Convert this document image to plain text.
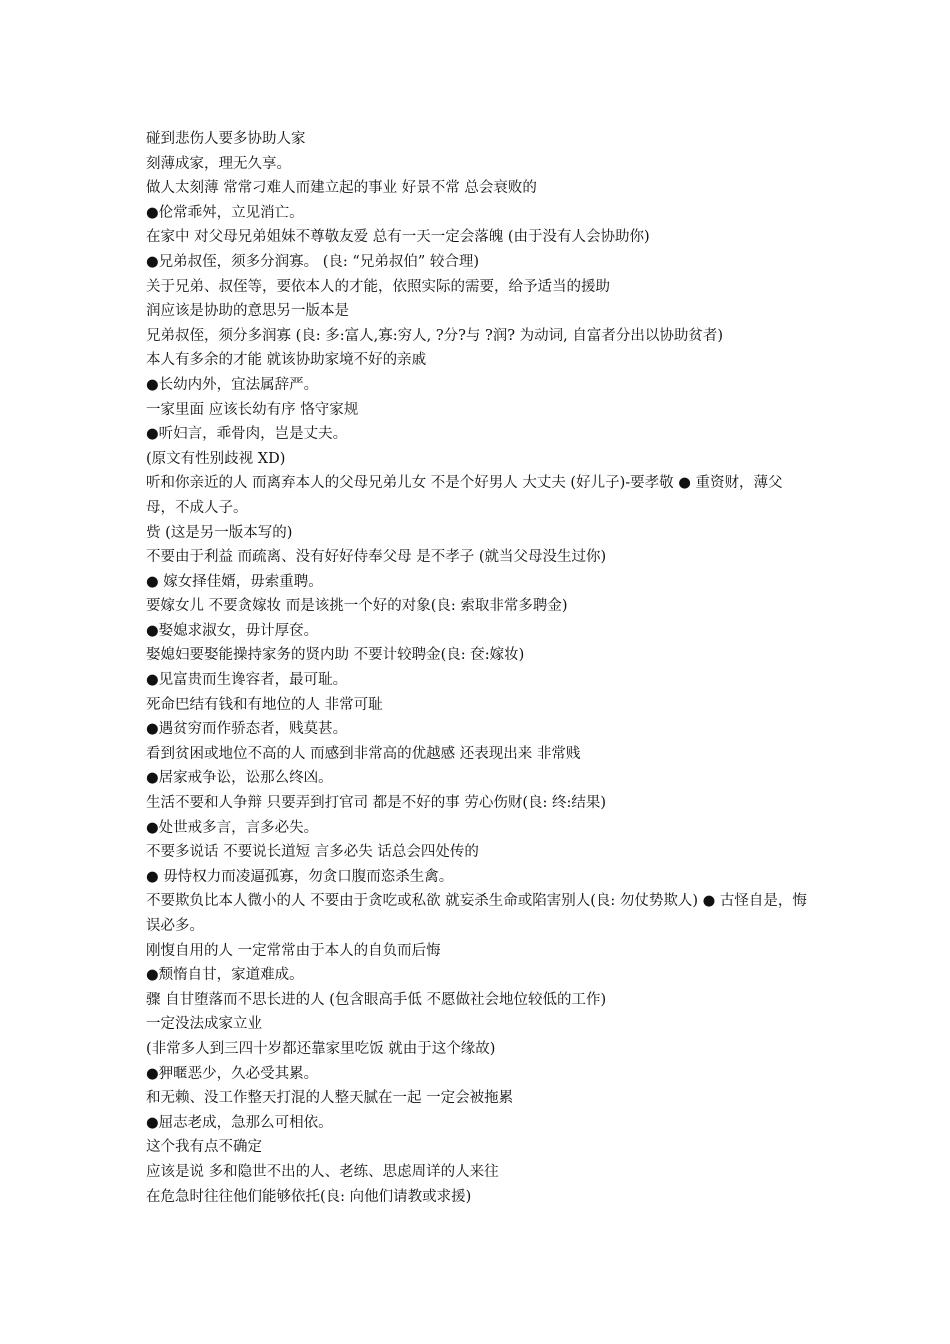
碰到悲伤人要多协助人家
刻薄成家，理无久享。
做人太刻薄 常常刁难人而建立起的事业 好景不常 总会衰败的
●伦常乖舛，立见消亡。
在家中 对父母兄弟姐妹不尊敬友爱 总有一天一定会落魄 (由于没有人会协助你)
●兄弟叔侄，须多分润寡。 (良: “兄弟叔伯” 较合理)
关于兄弟、叔侄等，要依本人的才能，依照实际的需要，给予适当的援助
润应该是协助的意思另一版本是
兄弟叔侄，须分多润寡 (良: 多:富人,寡:穷人, ?分?与 ?润? 为动词, 自富者分出以协助贫者)
本人有多余的才能 就该协助家境不好的亲戚
●长幼内外，宜法属辞严。
一家里面 应该长幼有序 恪守家规
●听妇言，乖骨肉，岂是丈夫。
(原文有性别歧视 XD)
听和你亲近的人 而离弃本人的父母兄弟儿女 不是个好男人 大丈夫 (好儿子)-要孝敬 ● 重资财，薄父母，不成人子。
赀 (这是另一版本写的)
不要由于利益 而疏离、没有好好侍奉父母 是不孝子 (就当父母没生过你)
● 嫁女择佳婿，毋索重聘。
要嫁女儿 不要贪嫁妆 而是该挑一个好的对象(良: 索取非常多聘金)
●娶媳求淑女，毋计厚奁。
娶媳妇要娶能操持家务的贤内助 不要计较聘金(良: 奁:嫁妆)
●见富贵而生谗容者，最可耻。
死命巴结有钱和有地位的人 非常可耻
●遇贫穷而作骄态者，贱莫甚。
看到贫困或地位不高的人 而感到非常高的优越感 还表现出来 非常贱
●居家戒争讼，讼那么终凶。
生活不要和人争辩 只要弄到打官司 都是不好的事 劳心伤财(良: 终:结果)
●处世戒多言，言多必失。
不要多说话 不要说长道短 言多必失 话总会四处传的
● 毋恃权力而凌逼孤寡，勿贪口腹而恣杀生禽。
不要欺负比本人微小的人 不要由于贪吃或私欲 就妄杀生命或陷害别人(良: 勿仗势欺人) ● 古怪自是，悔误必多。
刚愎自用的人 一定常常由于本人的自负而后悔
●颓惰自甘，家道难成。
骤 自甘堕落而不思长进的人 (包含眼高手低 不愿做社会地位较低的工作)
一定没法成家立业
(非常多人到三四十岁都还靠家里吃饭 就由于这个缘故)
●狎暱恶少，久必受其累。
和无赖、没工作整天打混的人整天腻在一起 一定会被拖累
●屈志老成，急那么可相依。
这个我有点不确定
应该是说 多和隐世不出的人、老练、思虑周详的人来往
在危急时往往他们能够依托(良: 向他们请教或求援)
